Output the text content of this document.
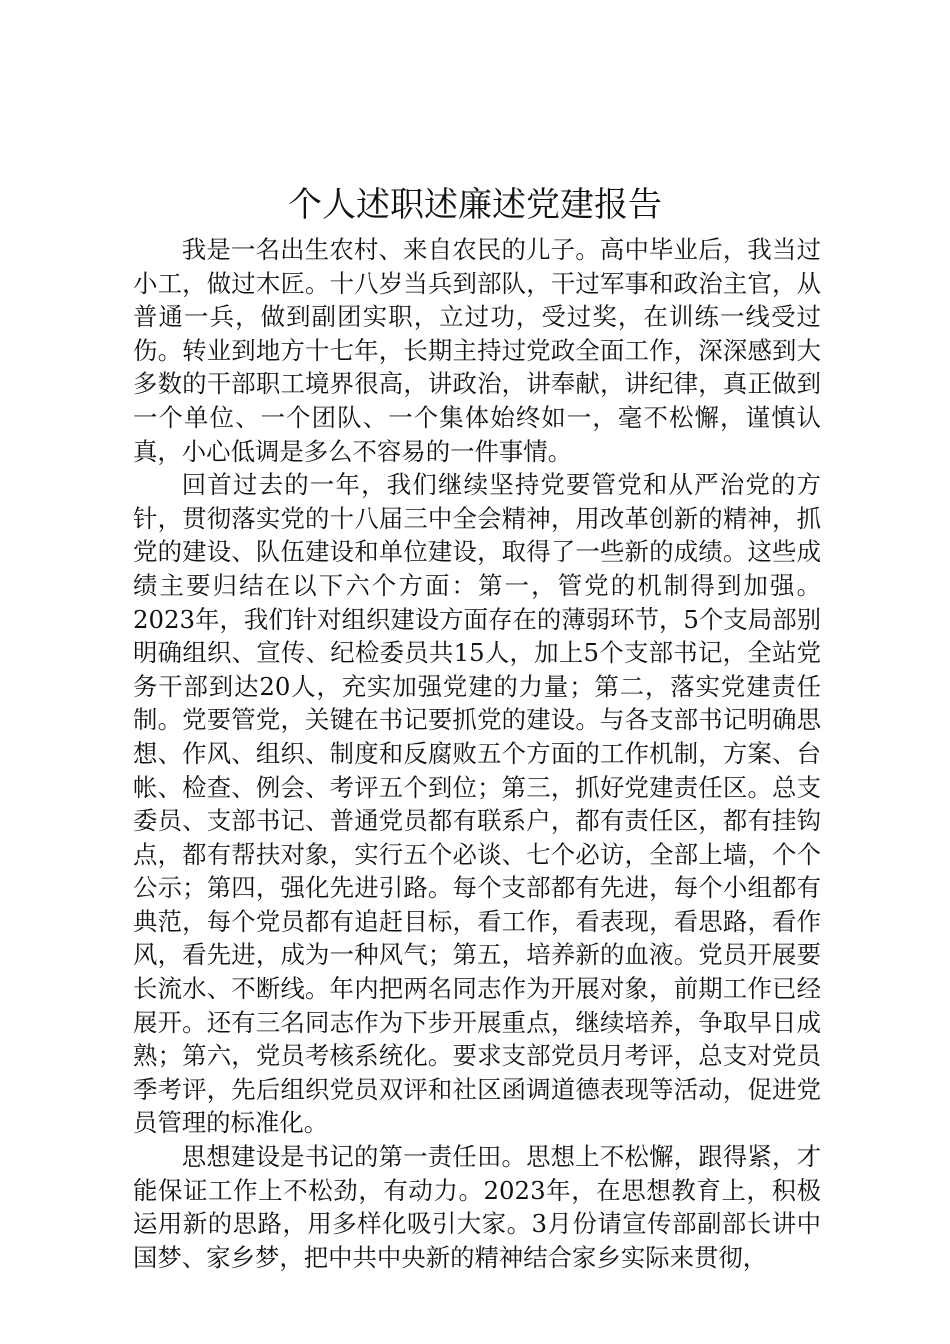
个人述职述廉述党建报告

我是一名出生农村、来自农民的儿子。高中毕业后，我当过小工，做过木匠。十八岁当兵到部队，干过军事和政治主官，从普通一兵，做到副团实职，立过功，受过奖，在训练一线受过伤。转业到地方十七年，长期主持过党政全面工作，深深感到大多数的干部职工境界很高，讲政治，讲奉献，讲纪律，真正做到一个单位、一个团队、一个集体始终如一，毫不松懈，谨慎认真，小心低调是多么不容易的一件事情。

回首过去的一年，我们继续坚持党要管党和从严治党的方针，贯彻落实党的十八届三中全会精神，用改革创新的精神，抓党的建设、队伍建设和单位建设，取得了一些新的成绩。这些成绩主要归结在以下六个方面：第一，管党的机制得到加强。2023年，我们针对组织建设方面存在的薄弱环节，5个支局部别明确组织、宣传、纪检委员共15人，加上5个支部书记，全站党务干部到达20人，充实加强党建的力量；第二，落实党建责任制。党要管党，关键在书记要抓党的建设。与各支部书记明确思想、作风、组织、制度和反腐败五个方面的工作机制，方案、台帐、检查、例会、考评五个到位；第三，抓好党建责任区。总支委员、支部书记、普通党员都有联系户，都有责任区，都有挂钩点，都有帮扶对象，实行五个必谈、七个必访，全部上墙，个个公示；第四，强化先进引路。每个支部都有先进，每个小组都有典范，每个党员都有追赶目标，看工作，看表现，看思路，看作风，看先进，成为一种风气；第五，培养新的血液。党员开展要长流水、不断线。年内把两名同志作为开展对象，前期工作已经展开。还有三名同志作为下步开展重点，继续培养，争取早日成熟；第六，党员考核系统化。要求支部党员月考评，总支对党员季考评，先后组织党员双评和社区函调道德表现等活动，促进党员管理的标准化。

思想建设是书记的第一责任田。思想上不松懈，跟得紧，才能保证工作上不松劲，有动力。2023年，在思想教育上，积极运用新的思路，用多样化吸引大家。3月份请宣传部副部长讲中国梦、家乡梦，把中共中央新的精神结合家乡实际来贯彻，
